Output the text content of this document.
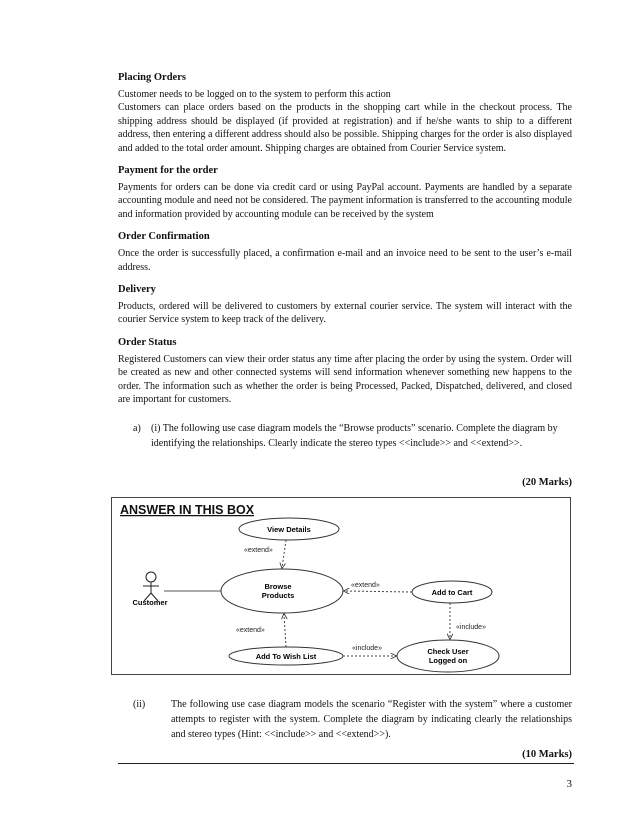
Placing Orders

Customer needs to be logged on to the system to perform this action
Customers can place orders based on the products in the shopping cart while in the checkout process. The shipping address should be displayed (if provided at registration) and if he/she wants to ship to a different address, then entering a different address should also be possible. Shipping charges for the order is also displayed and added to the total order amount. Shipping charges are obtained from Courier Service system.

Payment for the order

Payments for orders can be done via credit card or using PayPal account. Payments are handled by a separate accounting module and need not be considered. The payment information is transferred to the accounting module and information provided by accounting module can be received by the system

Order Confirmation

Once the order is successfully placed, a confirmation e-mail and an invoice need to be sent to the user’s e-mail address.

Delivery

Products, ordered will be delivered to customers by external courier service. The system will interact with the courier Service system to keep track of the delivery.

Order Status

Registered Customers can view their order status any time after placing the order by using the system. Order will be created as new and other connected systems will send information whenever something new happens to the order. The information such as whether the order is being Processed, Packed, Dispatched, delivered, and closed are important for customers.

a) (i) The following use case diagram models the “Browse products” scenario. Complete the diagram by identifying the relationships. Clearly indicate the stereo types <<include>> and <<extend>>.
(20 Marks)
ANSWER IN THIS BOX
Customer
View Details
Browse
Products	Add to Cart
Add To Wish List
Check User
Logged on
«extend»
«extend»
«extend»	«include»
«include»
(ii)	The following use case diagram models the scenario “Register with the system” where a customer attempts to register with the system. Complete the diagram by indicating clearly the relationships and stereo types (Hint: <<include>> and <<extend>>).
(10 Marks)
3
